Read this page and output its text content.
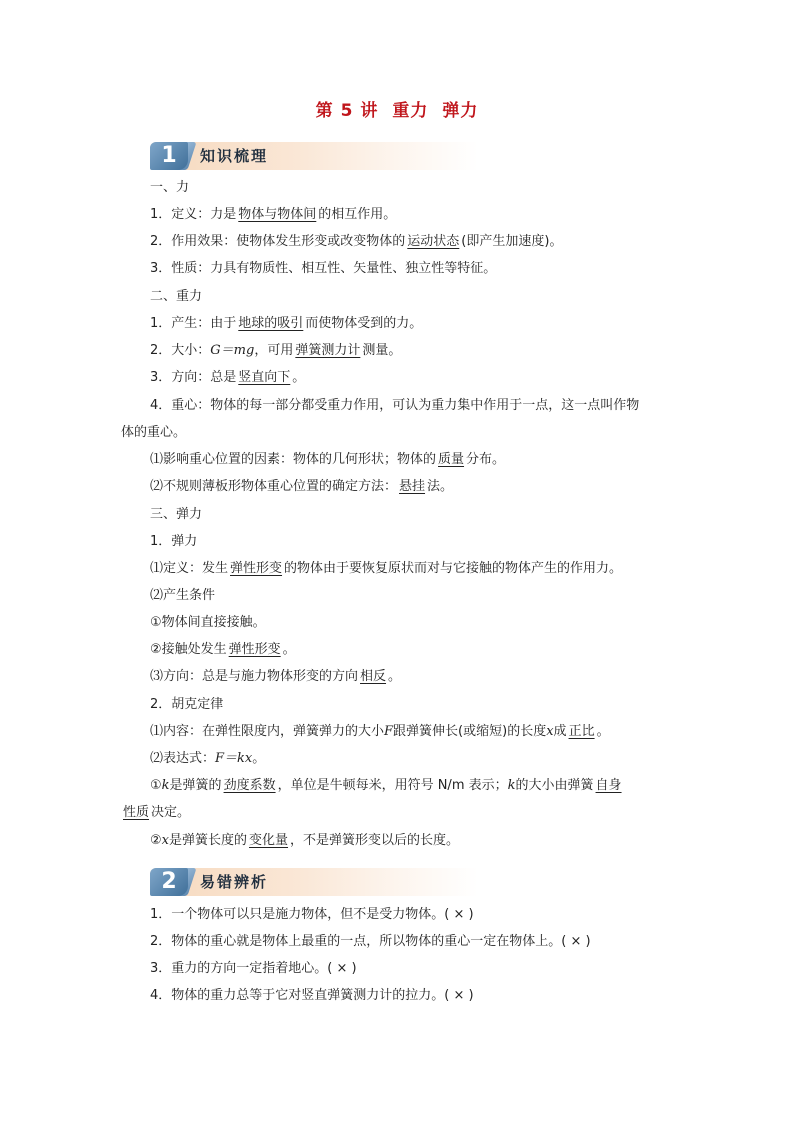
第 5 讲 重力 弹力
1	知识梳理
一、力
1．定义：力是 物体与物体间 的相互作用。
2．作用效果：使物体发生形变或改变物体的 运动状态 (即产生加速度)。
3．性质：力具有物质性、相互性、矢量性、独立性等特征。
二、重力
1．产生：由于 地球的吸引 而使物体受到的力。
2．大小：G＝mg，可用 弹簧测力计 测量。
3．方向：总是 竖直向下 。
4．重心：物体的每一部分都受重力作用，可认为重力集中作用于一点，这一点叫作物
体的重心。
⑴影响重心位置的因素：物体的几何形状；物体的 质量 分布。
⑵不规则薄板形物体重心位置的确定方法： 悬挂 法。
三、弹力
1．弹力
⑴定义：发生 弹性形变 的物体由于要恢复原状而对与它接触的物体产生的作用力。
⑵产生条件
①物体间直接接触。
②接触处发生 弹性形变 。
⑶方向：总是与施力物体形变的方向 相反 。
2．胡克定律
⑴内容：在弹性限度内，弹簧弹力的大小F跟弹簧伸长(或缩短)的长度x成 正比 。
⑵表达式：F＝kx。
①k是弹簧的 劲度系数 ，单位是牛顿每米，用符号 N/m 表示；k的大小由弹簧 自身
性质 决定。
②x是弹簧长度的 变化量 ，不是弹簧形变以后的长度。
2	易错辨析
1．一个物体可以只是施力物体，但不是受力物体。( × )
2．物体的重心就是物体上最重的一点，所以物体的重心一定在物体上。( × )
3．重力的方向一定指着地心。( × )
4．物体的重力总等于它对竖直弹簧测力计的拉力。( × )
